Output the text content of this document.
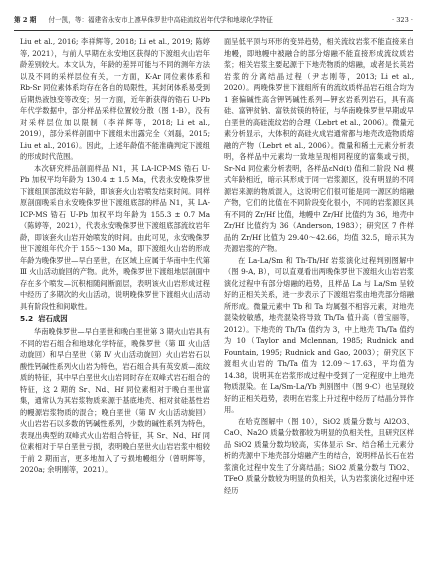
第 2 期 付一凯，等：福建省永安市上凛早侏罗世中高硅流纹岩年代学和地球化学特征	· 323 ·

Liu et al., 2016; 李祥辉等, 2018; Li et al., 2019; 陈婷等, 2021），与前人早期在永安地区获得的下渡组火山岩年龄差别较大。本文认为，年龄的差异可能与不同的测年方法以及不同的采样层位有关，一方面，K-Ar 同位素体系和 Rb-Sr 同位素体系均存在各自的局限性，其封闭体系易受到后期热液蚀变等改变；另一方面，近年新获得的锆石 U-Pb 年代学数据中，部分样品采样位置较分散（图 1-B），没有对采样层位加以限制（李祥辉等，2018; Li et al., 2019），部分采样剖面中下渡组未出露完全（刘磊，2015; Liu et al., 2016）。因此，上述年龄值不能准确判定下渡组的形成时代范围。

本次研究样品剖面样品 N1，其 LA-ICP-MS 锆石 U-Pb 加权平均年龄为 130.4 ± 1.5 Ma，代表永安晚侏罗世下渡组顶部流纹岩年龄，即该套火山岩喷发结束时间。同样原剖面晚采自永安晚侏罗世下渡组底部的样品 N1，其 LA-ICP-MS 锆石 U-Pb 加权平均年龄为 155.3 ± 0.7 Ma（陈婷等，2021），代表永安晚侏罗世下渡组底部流纹岩年龄，即该套火山岩开始喷发的时间。由此可见，永安晚侏罗世下渡组年代介于 155～130 Ma，即下渡组火山岩的形成年龄为晚侏罗世—早白垩世，在区域上应属于华南中生代第 Ⅲ 火山活动旋回的产物。此外，晚侏罗世下渡组地层剖面中存在多个喷发—沉积相随间断面层，表明该火山岩形成过程中经历了多期次的火山活动，说明晚侏罗世下渡组火山活动具有阶段性和间歇性。

5.2 岩石成因

华南晚侏罗世—早白垩世和晚白垩世第 3 期火山岩具有不同的岩石组合和地球化学特征，晚侏罗世（第 Ⅲ 火山活动旋回）和早白垩世（第 Ⅳ 火山活动旋回）火山岩岩石以酸性钙碱性系列火山岩为特色，岩石组合具有英安质—流纹质的特征，其中早白垩世火山岩同时存在双峰式岩石组合的特征，这 2 期的 Sr、Nd、Hf 同位素相对于晚白垩世富集，通常认为其岩浆物质来源于基底地壳、相对贫硅基性岩的幔源岩浆物质的混合；晚白垩世（第 Ⅳ 火山活动旋回）火山岩岩石以多数的钙碱性系列，少数的碱性系列为特色，表现出典型的双峰式火山岩组合特征，其 Sr、Nd、Hf 同位素相对于早白垩世亏损，表明晚白垩世火山岩岩浆中相较于前 2 期而言，更多地加入了亏损地幔组分（曾明辉等，2020a; 余明刚等，2021）。

面呈低平顶与环形的变异趋势，相关流纹岩浆不能直接来自地幔，即地幔中被融合的部分熔融不能直接形成流纹质岩浆；相关岩浆主要起源于下地壳物质的熔融，或者是长英岩岩浆的分离结晶过程（尹志刚等，2013; Li et al., 2020）。两晚侏罗世下渡组所有的流纹质样品岩石组合均为 1 套偏碱性高含钾钙碱性系列—钾玄岩系列岩石，具有高硅、富钾贫钠、富铁贫镁的特征，与华南晚侏罗世早期或早白垩世的高硅流纹岩的合理（Lebrt et al., 2006）。微量元素分析显示，大体积的高硅火成岩通常都与地壳改造物质熔融的产物（Lebrt et al., 2006）。微量和稀土元素分析表明，各样品中元素均一致地呈现相同程度的富集或亏损，Sr-Nd 同位素分析表明，各样品εNd(t) 值和二阶段 Nd 模式年龄相近，暗示其形成于同一岩浆源区，没有明显的不同源岩来源的物质混入，这说明它们很可能是同一源区的熔融产物，它们的比值在不同阶段变化很小，不同的岩浆源区具有不同的 Zr/Hf 比值，地幔中 Zr/Hf 比值约为 36，地壳中 Zr/Hf 比值约为 36（Anderson, 1983）；研究区 7 件样品的 Zr/Hf 比值为 29.40～42.66，均值 32.5，暗示其为壳源岩浆的产物。

在 La-La/Sm 和 Th-Th/Hf 岩浆演化过程判别图解中（图 9-A, B），可以直观看出两晚侏罗世下渡组火山岩岩浆演化过程中有部分熔融的趋势，且样品 La 与 La/Sm 呈较好的正相关关系，进一步表示了下渡组岩浆由地壳部分熔融所形成。微量元素中 Tb 和 Ta 均属强不相容元素，对地壳混染较敏感，地壳混染将导致 Th/Ta 值升高（曾宝丽等，2012）。下地壳的 Th/Ta 值约为 3，中上地壳 Th/Ta 值约为 10（Taylor and Mclennan, 1985; Rudnick and Fountain, 1995; Rudnick and Gao, 2003）；研究区下渡组火山岩的 Th/Ta 值为 12.09～17.63，平均值为 14.38，说明其在岩浆形成过程中受到了一定程度中上地壳物质混染。在 La/Sm-La/Yb 判别图中（图 9-C）也呈现较好的正相关趋势，表明在岩浆上升过程中经历了结晶分异作用。

在哈克图解中（图 10），SiO2 质量分数与 Al2O3、CaO、Na2O 质量分数都较为明显的负相关性，且研究区样品 SiO2 质量分数均较高，实体显示 Sr、结合稀土元素分析的壳源中下地壳部分熔融产生的结合，说明样品长石在岩浆演化过程中发生了分离结晶；SiO2 质量分数与 TiO2、TFeO 质量分数较为明显的负相关，认为岩浆演化过程中还经历
